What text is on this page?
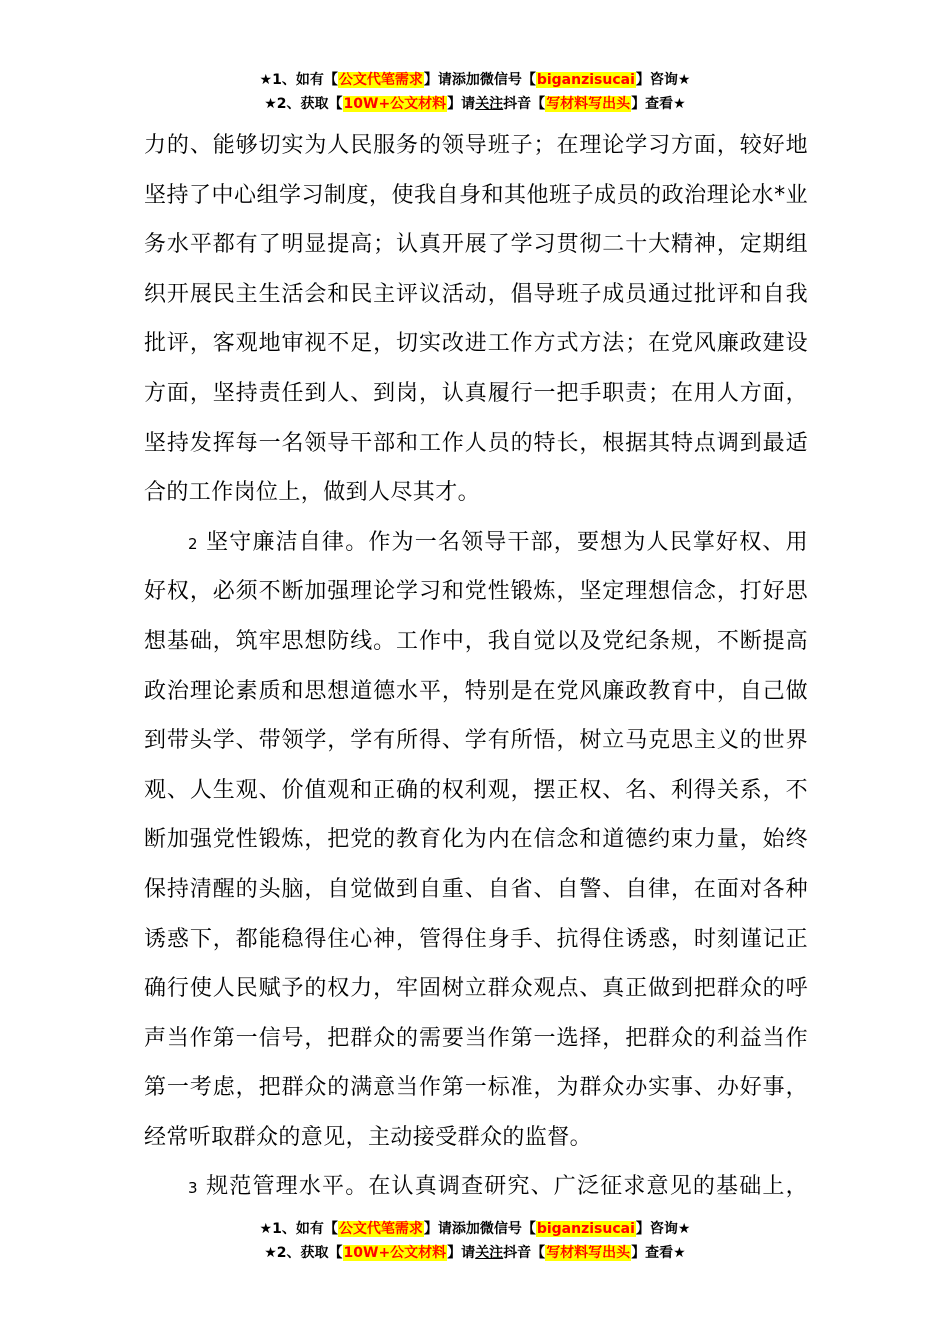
★1、如有【公文代笔需求】请添加微信号【biganzisucai】咨询★
★2、获取【10W+公文材料】请关注抖音【写材料写出头】查看★
力的、能够切实为人民服务的领导班子；在理论学习方面，较好地
坚持了中心组学习制度，使我自身和其他班子成员的政治理论水*业
务水平都有了明显提高；认真开展了学习贯彻二十大精神，定期组
织开展民主生活会和民主评议活动，倡导班子成员通过批评和自我
批评，客观地审视不足，切实改进工作方式方法；在党风廉政建设
方面，坚持责任到人、到岗，认真履行一把手职责；在用人方面，
坚持发挥每一名领导干部和工作人员的特长，根据其特点调到最适
合的工作岗位上，做到人尽其才。
2 坚守廉洁自律。作为一名领导干部，要想为人民掌好权、用
好权，必须不断加强理论学习和党性锻炼，坚定理想信念，打好思
想基础，筑牢思想防线。工作中，我自觉以及党纪条规，不断提高
政治理论素质和思想道德水平，特别是在党风廉政教育中，自己做
到带头学、带领学，学有所得、学有所悟，树立马克思主义的世界
观、人生观、价值观和正确的权利观，摆正权、名、利得关系，不
断加强党性锻炼，把党的教育化为内在信念和道德约束力量，始终
保持清醒的头脑，自觉做到自重、自省、自警、自律，在面对各种
诱惑下，都能稳得住心神，管得住身手、抗得住诱惑，时刻谨记正
确行使人民赋予的权力，牢固树立群众观点、真正做到把群众的呼
声当作第一信号，把群众的需要当作第一选择，把群众的利益当作
第一考虑，把群众的满意当作第一标准，为群众办实事、办好事，
经常听取群众的意见，主动接受群众的监督。
3 规范管理水平。在认真调查研究、广泛征求意见的基础上，
★1、如有【公文代笔需求】请添加微信号【biganzisucai】咨询★
★2、获取【10W+公文材料】请关注抖音【写材料写出头】查看★
